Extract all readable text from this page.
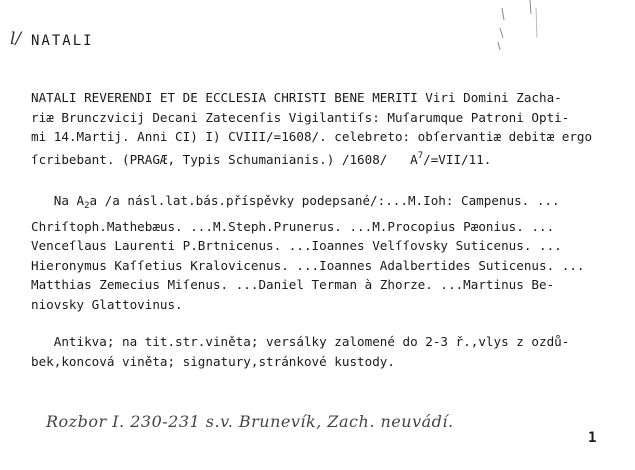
l/ NATALI
NATALI REVERENDI ET DE ECCLESIA CHRISTI BENE MERITI Viri Domini Zacha-
riæ Brunczvicij Decani Zatecenſis Vigilantiſs: Muſarumque Patroni Opti-
mi 14.Martij. Anni CI) I) CVIII/=1608/. celebreto: obſervantiæ debitæ ergo
ſcribebant. (PRAGÆ, Typis Schumanianis.) /1608/   $A^7/=VII/11$.
Na $A_2a$ /a násl.lat.bás.příspěvky podepsané/:...M.Ioh: Campenus. ...
Chriſtoph.Mathebæus. ...M.Steph.Prunerus. ...M.Procopius Pæonius. ...
Venceſlaus Laurenti P.Brtnicenus. ...Ioannes Velſſovsky Suticenus. ...
Hieronymus Kaſſetius Kralovicenus. ...Ioannes Adalbertides Suticenus. ...
Matthias Zemecius Miſenus. ...Daniel Terman à Zhorze. ...Martinus Be-
niovsky Glattovinus.
Antikva; na tit.str.viněta; versálky zalomené do 2-3 ř.,vlys z ozdů-
bek,koncová viněta; signatury,stránkové kustody.
Rozbor I. 230-231 s.v. Brunevík, Zach. neuvádí.
1
